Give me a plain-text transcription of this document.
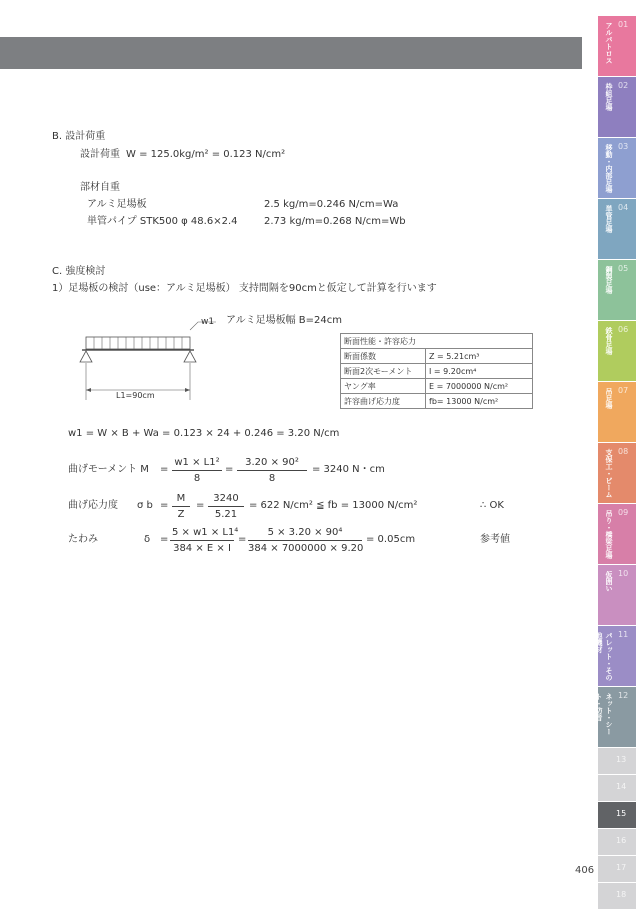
B. 設計荷重
設計荷重 W = 125.0kg/m² = 0.123 N/cm²
部材自重
アルミ足場板	2.5 kg/m=0.246 N/cm=Wa
単管パイプ STK500 φ 48.6×2.4	2.73 kg/m=0.268 N/cm=Wb
C. 強度検討
1）足場板の検討（use：アルミ足場板） 支持間隔を90cmと仮定して計算を行います
w1 アルミ足場板幅 B=24cm
L1=90cm
断面性能・許容応力	
断面係数	Z = 5.21cm³
断面2次モーメント	I = 9.20cm⁴
ヤング率	E = 7000000 N/cm²
許容曲げ応力度	fb= 13000 N/cm²
w1 = W × B + Wa = 0.123 × 24 + 0.246 = 3.20 N/cm
曲げモーメント $M = \frac{\text{w1 × L1²}}{8} = \frac{\text{3.20 × 90²}}{8} = 3240$ N・cm
曲げ応力度 σ $b = \frac{M}{Z} = \frac{3240}{5.21} = 622$ N/cm² ≦ fb = 13000 N/cm²	∴ OK
たわみ	$\delta = \frac{\text{5 × w1 × L1⁴}}{384 \times E \times I} = \frac{\text{5 × 3.20 × 90⁴}}{384 \times 7000000 \times 9.20} = 0.05cm$	参考値
アルバトロス 01
枠組足場 02
移動・内部足場 03
単管足場 04
鋼製足場 05
鉄骨足場 06
吊足場 07
支保工・ビーム 08
吊り・橋梁足場 09
仮囲い 10
パレット・その他機材	11
ネット・シート・防音	12
13
14
15
16
17
18
406
